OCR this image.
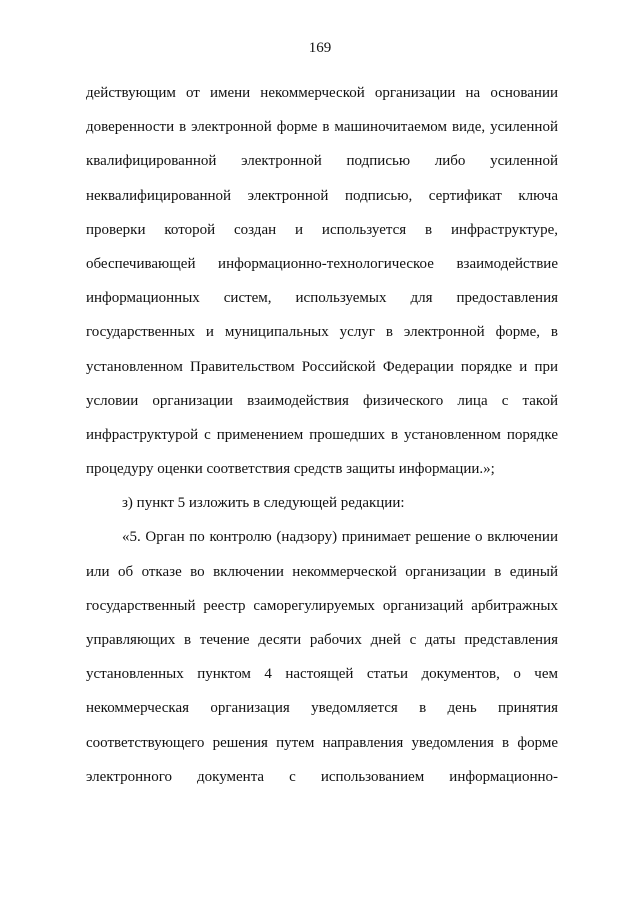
169
действующим от имени некоммерческой организации на основании
доверенности в электронной форме в машиночитаемом виде, усиленной
квалифицированной электронной подписью либо усиленной
неквалифицированной электронной подписью, сертификат ключа
проверки которой создан и используется в инфраструктуре,
обеспечивающей информационно-технологическое взаимодействие
информационных систем, используемых для предоставления
государственных и муниципальных услуг в электронной форме, в
установленном Правительством Российской Федерации порядке и при
условии организации взаимодействия физического лица с такой
инфраструктурой с применением прошедших в установленном порядке
процедуру оценки соответствия средств защиты информации.»;
з) пункт 5 изложить в следующей редакции:
«5. Орган по контролю (надзору) принимает решение о включении
или об отказе во включении некоммерческой организации в единый
государственный реестр саморегулируемых организаций арбитражных
управляющих в течение десяти рабочих дней с даты представления
установленных пунктом 4 настоящей статьи документов, о чем
некоммерческая организация уведомляется в день принятия
соответствующего решения путем направления уведомления в форме
электронного документа с использованием информационно-
